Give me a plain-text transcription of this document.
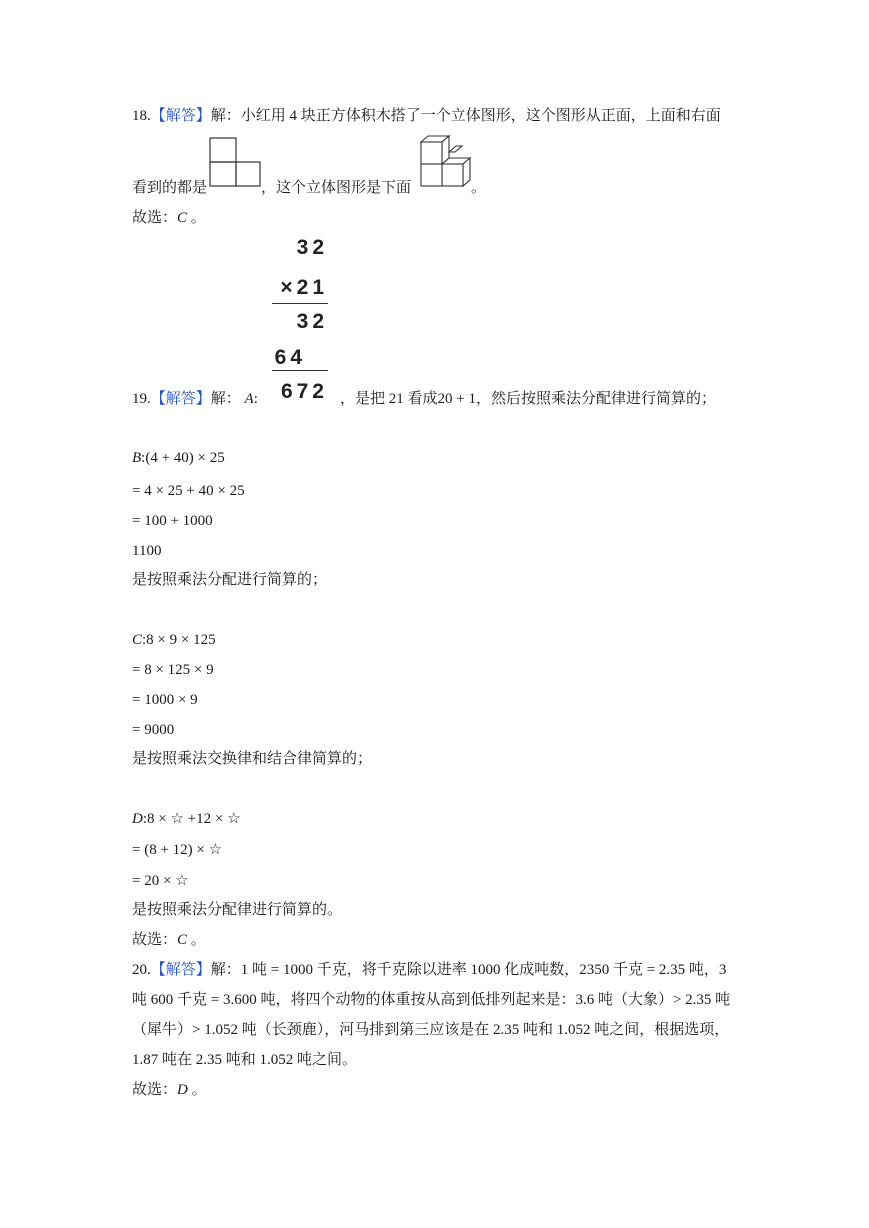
18.【解答】解：小红用 4 块正方体积木搭了一个立体图形，这个图形从正面，上面和右面
看到的都是	，这个立体图形是下面	。
故选：C 。
32
×21
32
64
672
19.【解答】解： A:	，是把 21 看成20 + 1，然后按照乘法分配律进行简算的；
B:(4 + 40) × 25
= 4 × 25 + 40 × 25
= 100 + 1000
1100
是按照乘法分配进行简算的；
C:8 × 9 × 125
= 8 × 125 × 9
= 1000 × 9
= 9000
是按照乘法交换律和结合律简算的；
D:8 × ☆ +12 × ☆
= (8 + 12) × ☆
= 20 × ☆
是按照乘法分配律进行简算的。
故选：C 。
20.【解答】解：1 吨 = 1000 千克，将千克除以进率 1000 化成吨数，2350 千克 = 2.35 吨，3
吨 600 千克 = 3.600 吨，将四个动物的体重按从高到低排列起来是：3.6 吨（大象）> 2.35 吨
（犀牛）> 1.052 吨（长颈鹿），河马排到第三应该是在 2.35 吨和 1.052 吨之间，根据选项，
1.87 吨在 2.35 吨和 1.052 吨之间。
故选：D 。
